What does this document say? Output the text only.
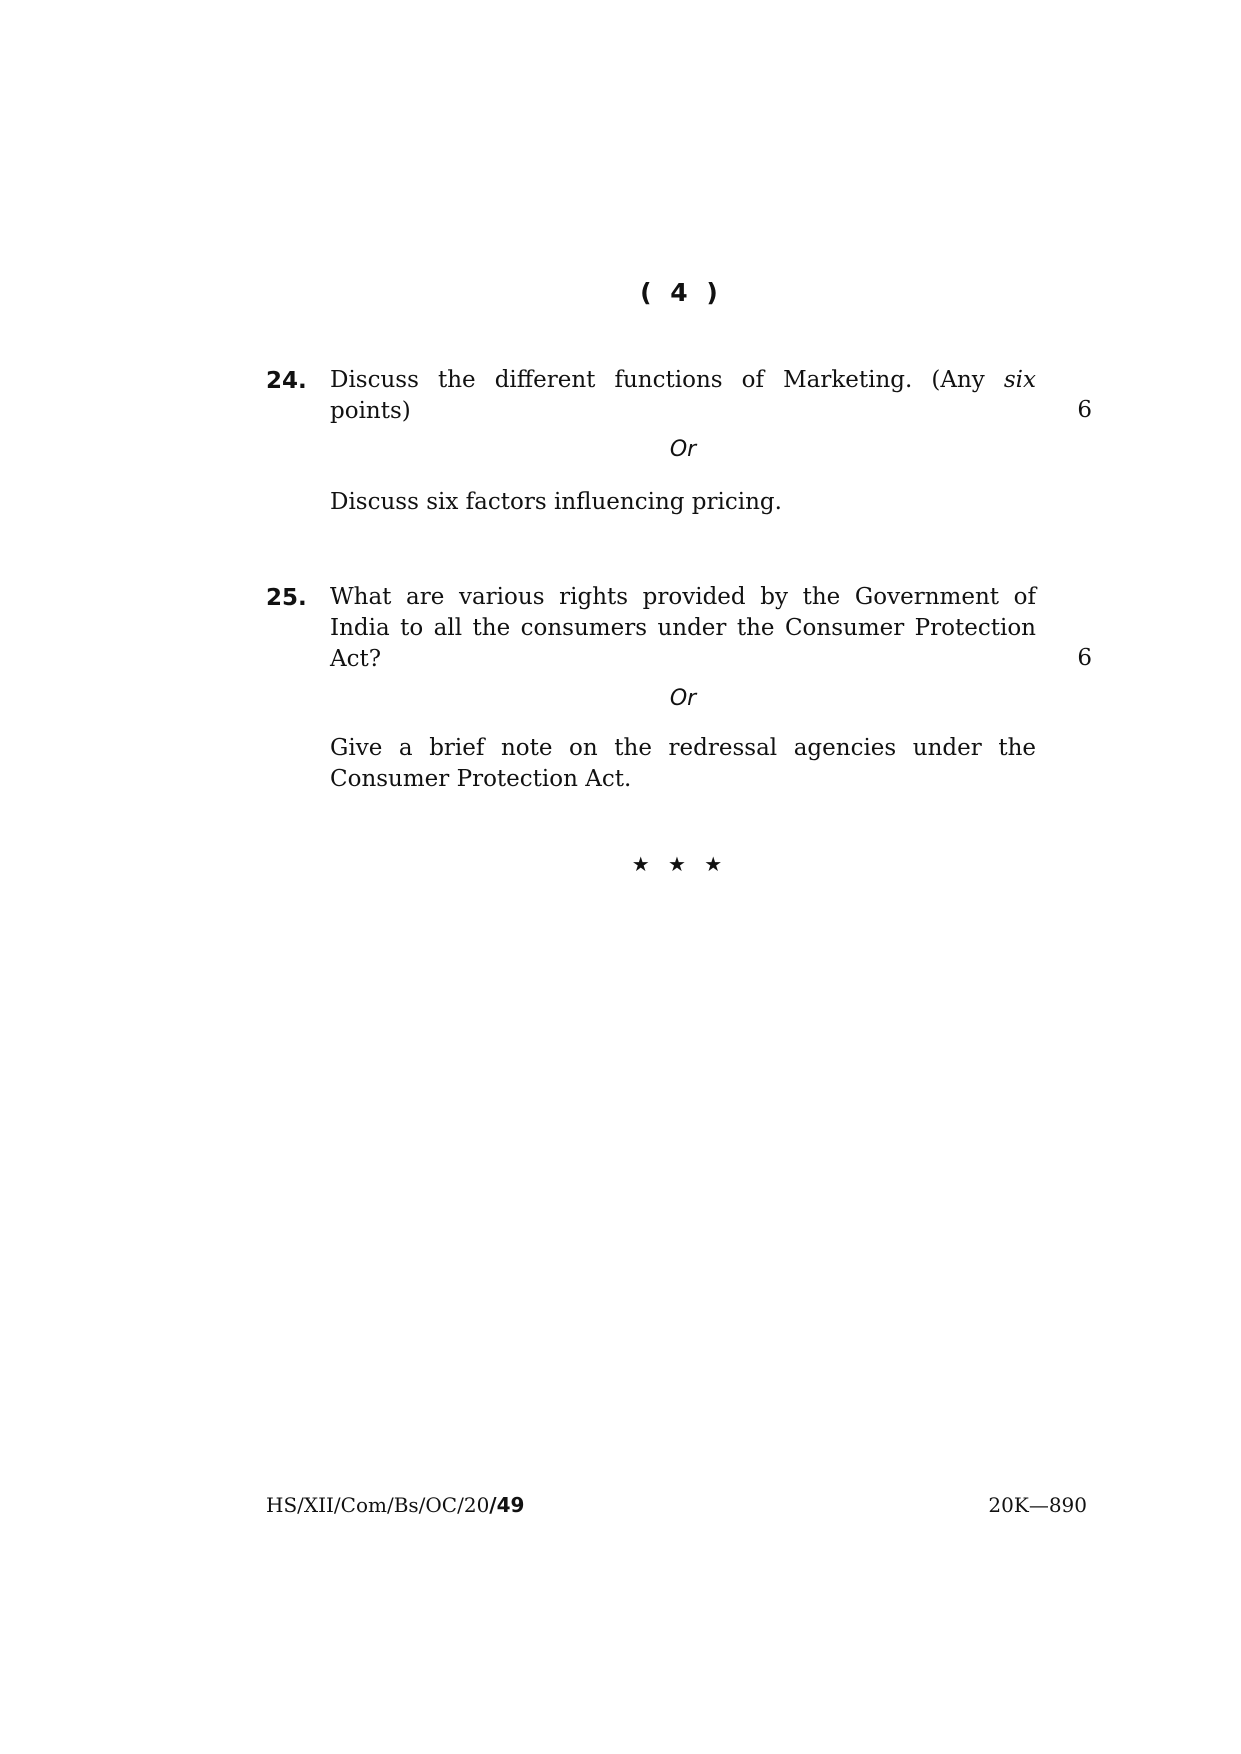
( 4 )
24. Discuss the different functions of Marketing. (Any six points)	6
Or
Discuss six factors influencing pricing.
25. What are various rights provided by the Government of India to all the consumers under the Consumer Protection Act?	6
Or
Give a brief note on the redressal agencies under the Consumer Protection Act.
★ ★ ★
HS/XII/Com/Bs/OC/20/49	20K—890
